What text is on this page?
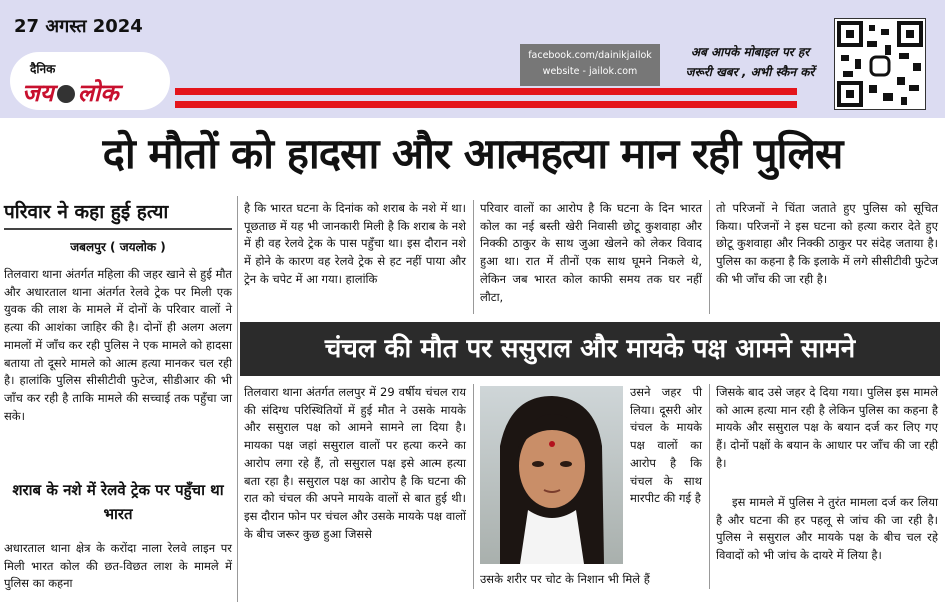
27 अगस्त 2024
दैनिक
जय लोक
facebook.com/dainikjailok
website - jailok.com
अब आपके मोबाइल पर हर
जरूरी खबर , अभी स्कैन करें
दो मौतों को हादसा और आत्महत्या मान रही पुलिस
परिवार ने कहा हुई हत्या
जबलपुर ( जयलोक )

तिलवारा थाना अंतर्गत महिला की जहर खाने से हुई मौत और अधारताल थाना अंतर्गत रेलवे ट्रेक पर मिली एक युवक की लाश के मामले में दोनों के परिवार वालों ने हत्या की आशंका जाहिर की है। दोनों ही अलग अलग मामलों में जाँच कर रही पुलिस ने एक मामले को हादसा बताया तो दूसरे मामले को आत्म हत्या मानकर चल रही है। हालांकि पुलिस सीसीटीवी फुटेज, सीडीआर की भी जाँच कर रही है ताकि मामले की सच्चाई तक पहुँचा जा सके।

शराब के नशे में रेलवे ट्रेक पर पहुँचा था भारत

अधारताल थाना क्षेत्र के करोंदा नाला रेलवे लाइन पर मिली भारत कोल की छत-विछत लाश के मामले में पुलिस का कहना

है कि भारत घटना के दिनांक को शराब के नशे में था। पूछताछ में यह भी जानकारी मिली है कि शराब के नशे में ही वह रेलवे ट्रेक के पास पहुँचा था। इस दौरान नशे में होने के कारण वह रेलवे ट्रेक से हट नहीं पाया और ट्रेन के चपेट में आ गया। हालांकि

परिवार वालों का आरोप है कि घटना के दिन भारत कोल का नई बस्ती खेरी निवासी छोटू कुशवाहा और निक्की ठाकुर के साथ जुआ खेलने को लेकर विवाद हुआ था। रात में तीनों एक साथ घूमने निकले थे, लेकिन जब भारत कोल काफी समय तक घर नहीं लौटा,

तो परिजनों ने चिंता जताते हुए पुलिस को सूचित किया। परिजनों ने इस घटना को हत्या करार देते हुए छोटू कुशवाहा और निक्की ठाकुर पर संदेह जताया है। पुलिस का कहना है कि इलाके में लगे सीसीटीवी फुटेज की भी जाँच की जा रही है।

चंचल की मौत पर ससुराल और मायके पक्ष आमने सामने

तिलवारा थाना अंतर्गत ललपुर में 29 वर्षीय चंचल राय की संदिग्ध परिस्थितियों में हुई मौत ने उसके मायके और ससुराल पक्ष को आमने सामने ला दिया है। मायका पक्ष जहां ससुराल वालों पर हत्या करने का आरोप लगा रहे हैं, तो ससुराल पक्ष इसे आत्म हत्या बता रहा है। ससुराल पक्ष का आरोप है कि घटना की रात को चंचल की अपने मायके वालों से बात हुई थी। इस दौरान फोन पर चंचल और उसके मायके पक्ष वालों के बीच जरूर कुछ हुआ जिससे

उसने जहर पी लिया। दूसरी ओर चंचल के मायके पक्ष वालों का आरोप है कि चंचल के साथ मारपीट की गई है

उसके शरीर पर चोट के निशान भी मिले हैं

जिसके बाद उसे जहर दे दिया गया। पुलिस इस मामले को आत्म हत्या मान रही है लेकिन पुलिस का कहना है मायके और ससुराल पक्ष के बयान दर्ज कर लिए गए हैं। दोनों पक्षों के बयान के आधार पर जाँच की जा रही है।

इस मामले में पुलिस ने तुरंत मामला दर्ज कर लिया है और घटना की हर पहलू से जांच की जा रही है। पुलिस ने ससुराल और मायके पक्ष के बीच चल रहे विवादों को भी जांच के दायरे में लिया है।
